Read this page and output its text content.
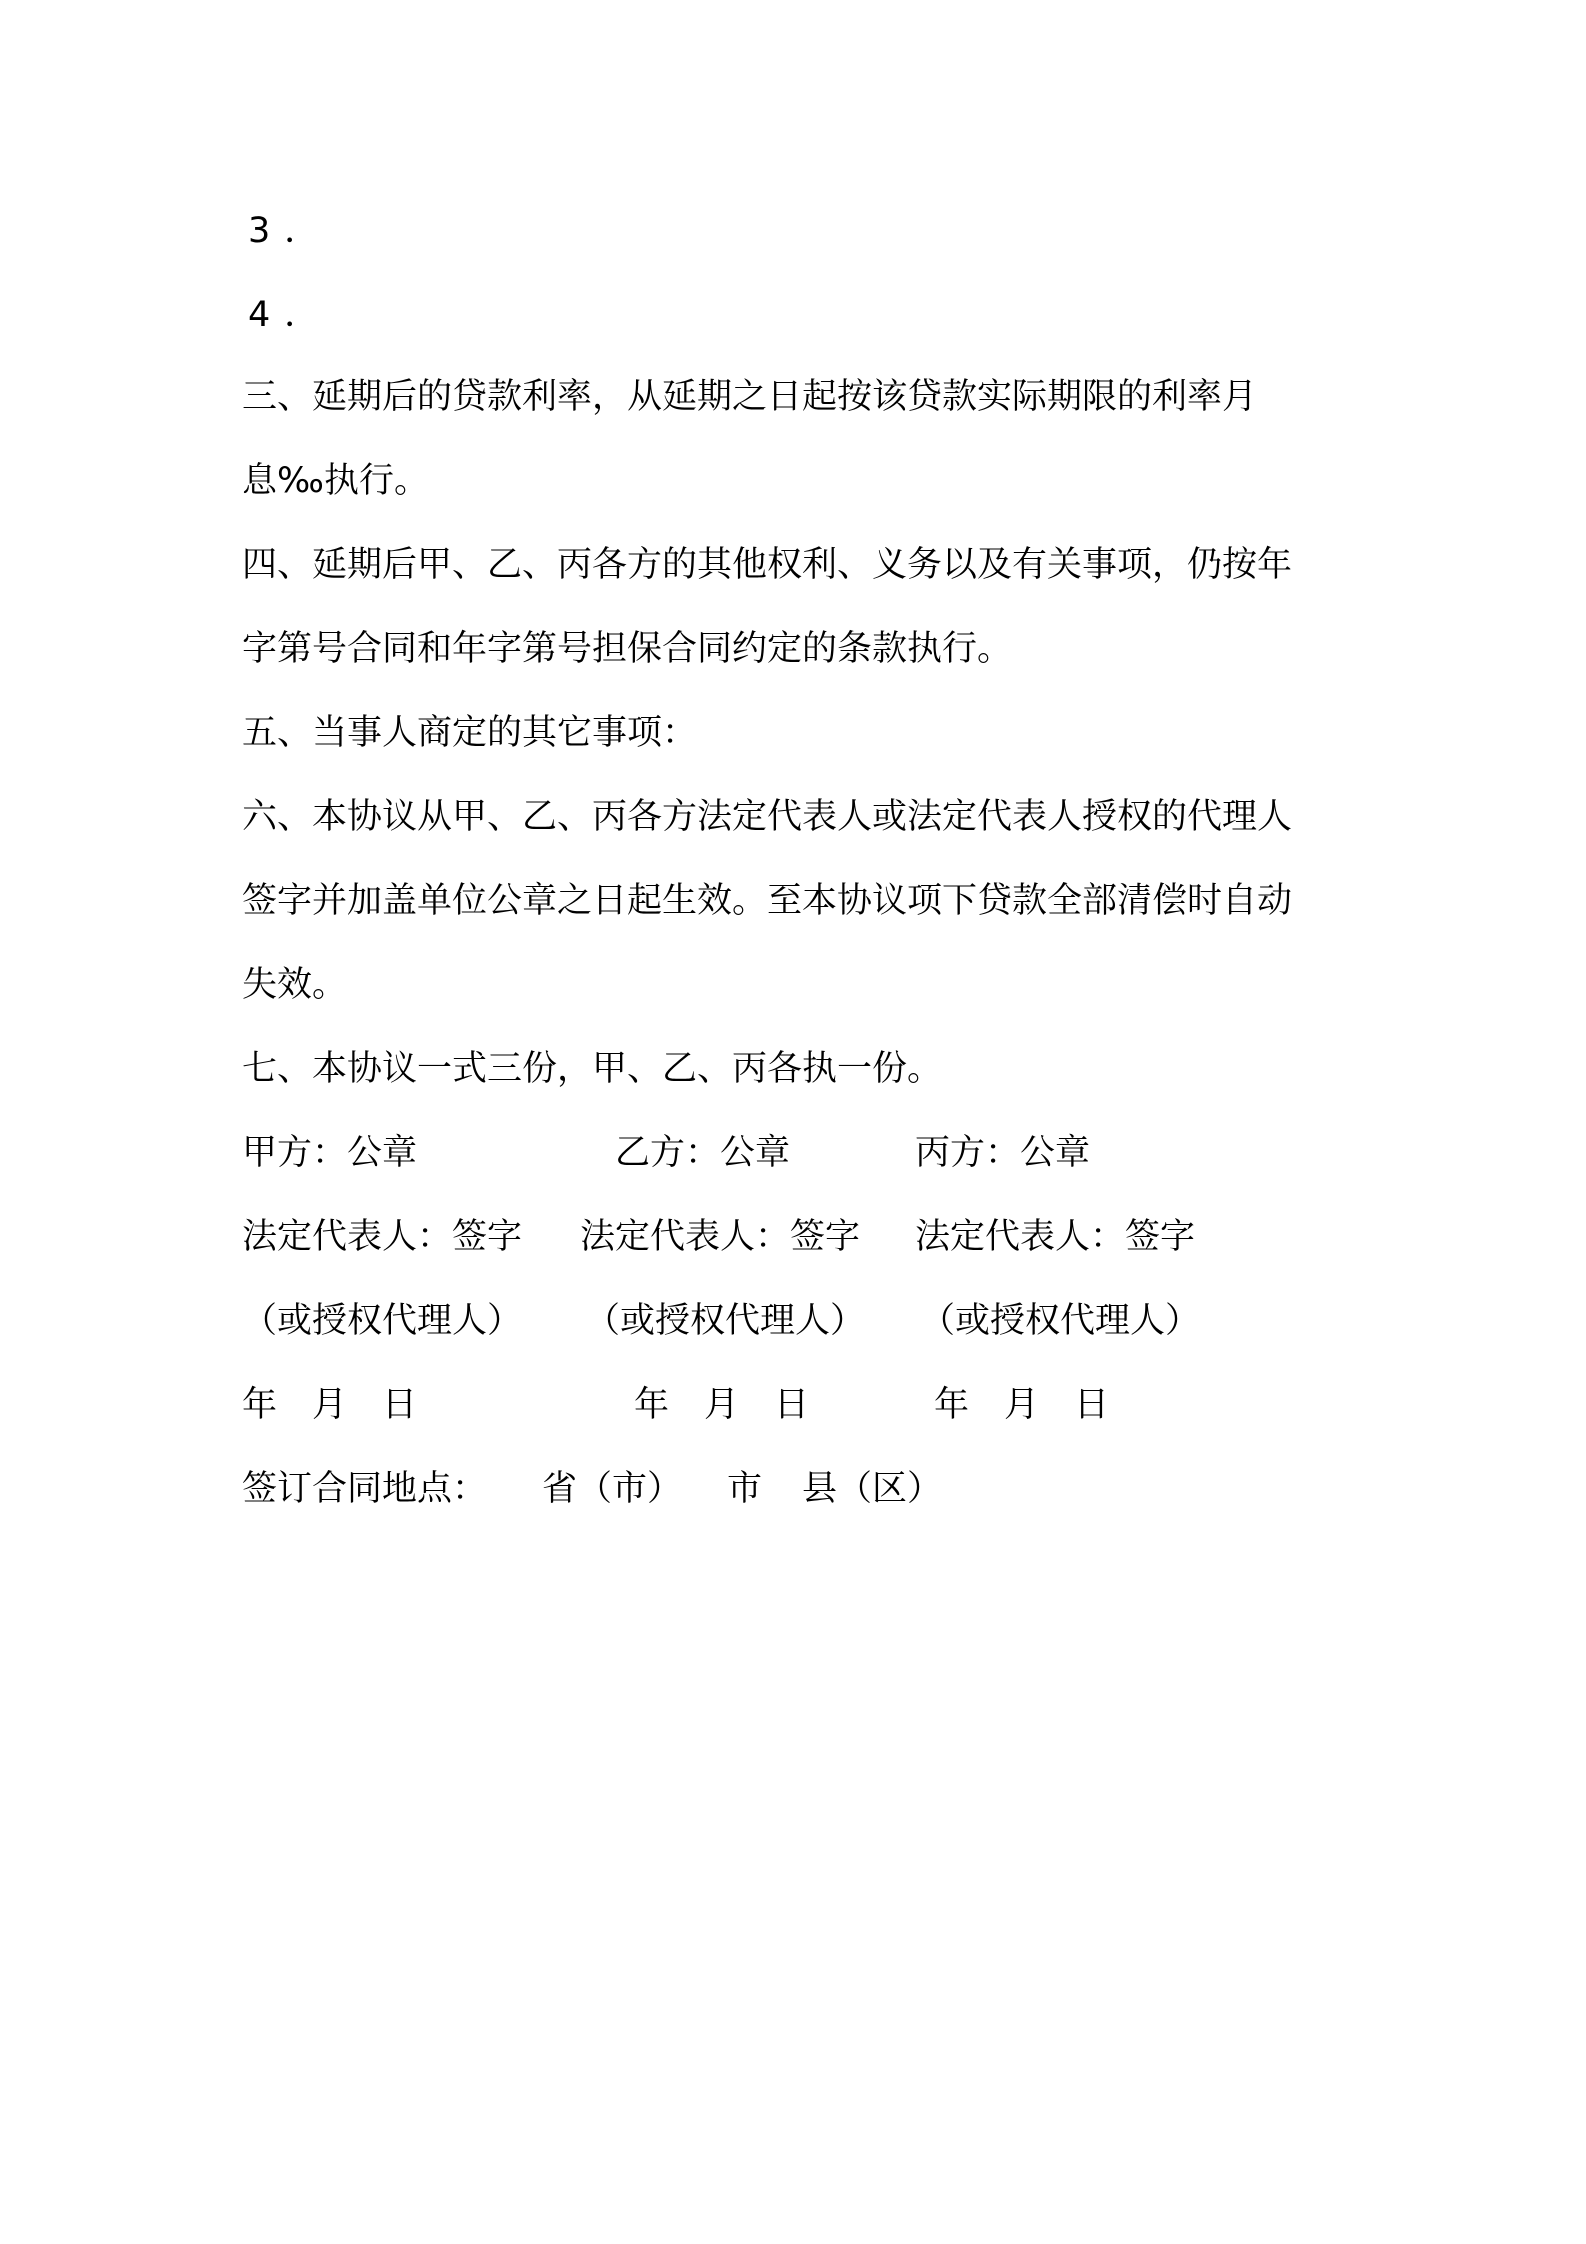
3．
4．
三、延期后的贷款利率，从延期之日起按该贷款实际期限的利率月
息‰执行。
四、延期后甲、乙、丙各方的其他权利、义务以及有关事项，仍按年
字第号合同和年字第号担保合同约定的条款执行。
五、当事人商定的其它事项：
六、本协议从甲、乙、丙各方法定代表人或法定代表人授权的代理人
签字并加盖单位公章之日起生效。至本协议项下贷款全部清偿时自动
失效。
七、本协议一式三份，甲、乙、丙各执一份。
甲方：公章	乙方：公章	丙方：公章
法定代表人：签字 法定代表人：签字 法定代表人：签字
（或授权代理人） （或授权代理人） （或授权代理人）
年　月　日	年　月　日	年　月　日
签订合同地点： 省（市） 市 县（区）
